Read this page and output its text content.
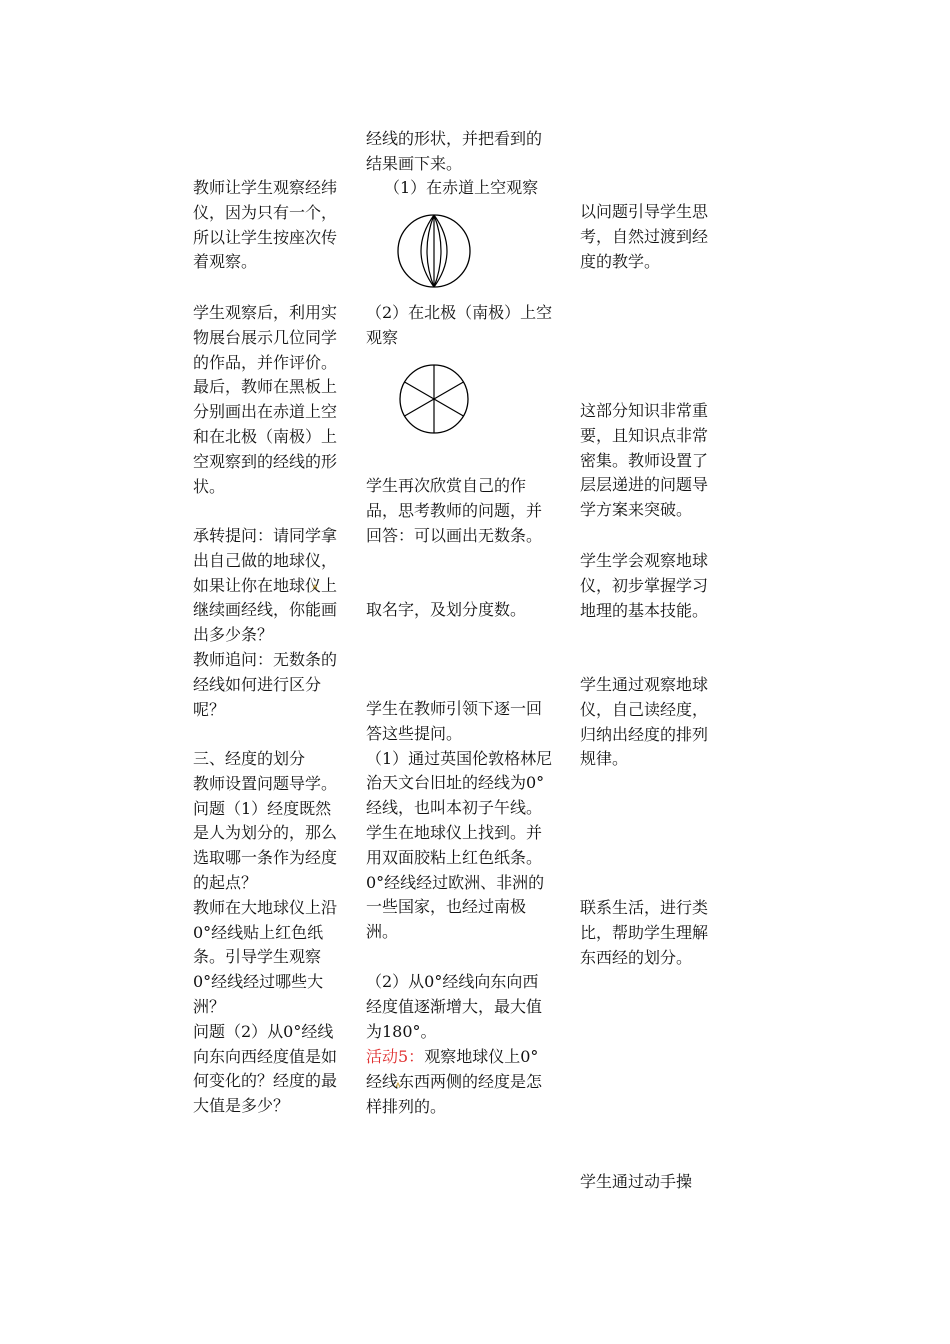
教师让学生观察经纬
仪，因为只有一个，
所以让学生按座次传
着观察。

学生观察后，利用实
物展台展示几位同学
的作品，并作评价。
最后，教师在黑板上
分别画出在赤道上空
和在北极（南极）上
空观察到的经线的形
状。

承转提问：请同学拿
出自己做的地球仪，
如果让你在地球仪上
继续画经线，你能画
出多少条？
教师追问：无数条的
经线如何进行区分
呢？

三、经度的划分
教师设置问题导学。
问题（1）经度既然
是人为划分的，那么
选取哪一条作为经度
的起点？
教师在大地球仪上沿
0°经线贴上红色纸
条。引导学生观察
0°经线经过哪些大
洲？
问题（2）从0°经线
向东向西经度值是如
何变化的？经度的最
大值是多少？

经线的形状，并把看到的
结果画下来。

（1）在赤道上空观察

（2）在北极（南极）上空
观察

学生再次欣赏自己的作
品，思考教师的问题，并
回答：可以画出无数条。

取名字，及划分度数。

学生在教师引领下逐一回
答这些提问。
（1）通过英国伦敦格林尼
治天文台旧址的经线为0°
经线，也叫本初子午线。
学生在地球仪上找到。并
用双面胶粘上红色纸条。
0°经线经过欧洲、非洲的
一些国家，也经过南极
洲。

（2）从0°经线向东向西
经度值逐渐增大，最大值
为180°。

活动5：观察地球仪上0°

经线东西两侧的经度是怎
样排列的。

以问题引导学生思
考，自然过渡到经
度的教学。

这部分知识非常重
要，且知识点非常
密集。教师设置了
层层递进的问题导
学方案来突破。

学生学会观察地球
仪，初步掌握学习
地理的基本技能。

学生通过观察地球
仪，自己读经度，
归纳出经度的排列
规律。

联系生活，进行类
比，帮助学生理解
东西经的划分。

学生通过动手操
